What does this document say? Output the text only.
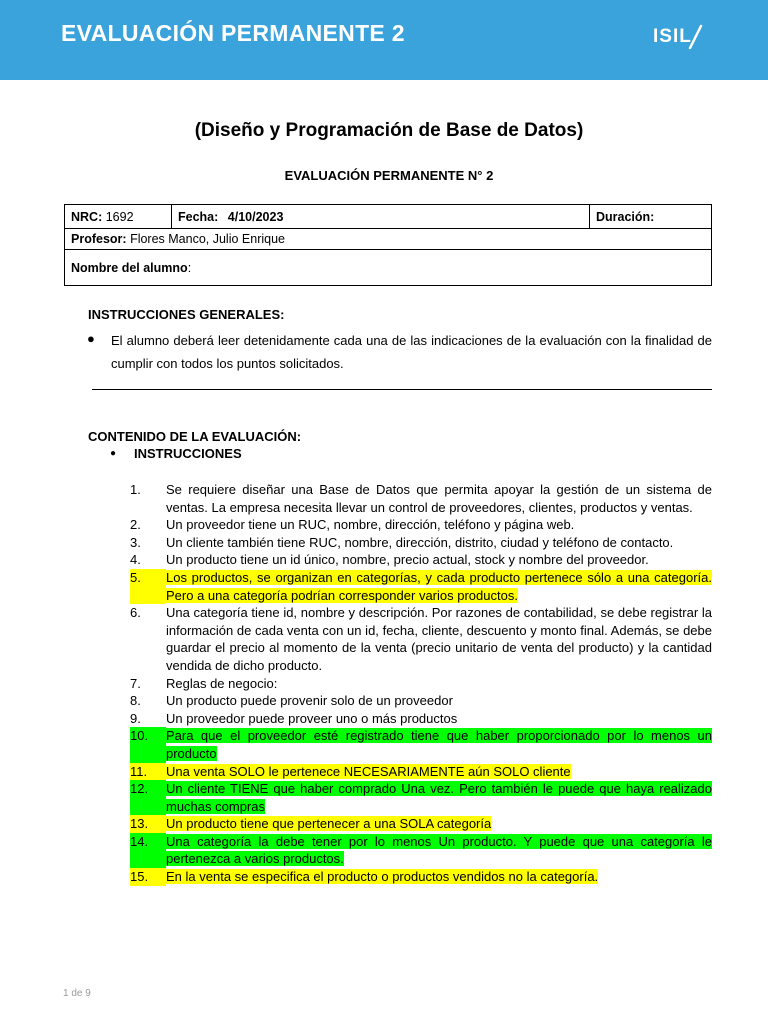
EVALUACIÓN PERMANENTE 2	ISIL
(Diseño y Programación de Base de Datos)
EVALUACIÓN PERMANENTE N° 2
NRC: 1692	Fecha: 4/10/2023	Duración:
Profesor: Flores Manco, Julio Enrique
Nombre del alumno:
INSTRUCCIONES GENERALES:
● El alumno deberá leer detenidamente cada una de las indicaciones de la evaluación con la finalidad de cumplir con todos los puntos solicitados.
CONTENIDO DE LA EVALUACIÓN:
● INSTRUCCIONES
1.	Se requiere diseñar una Base de Datos que permita apoyar la gestión de un sistema de ventas. La empresa necesita llevar un control de proveedores, clientes, productos y ventas.
2.	Un proveedor tiene un RUC, nombre, dirección, teléfono y página web.
3.	Un cliente también tiene RUC, nombre, dirección, distrito, ciudad y teléfono de contacto.
4.	Un producto tiene un id único, nombre, precio actual, stock y nombre del proveedor.
5.	Los productos, se organizan en categorías, y cada producto pertenece sólo a una categoría. Pero a una categoría podrían corresponder varios productos.
6.	Una categoría tiene id, nombre y descripción. Por razones de contabilidad, se debe registrar la información de cada venta con un id, fecha, cliente, descuento y monto final. Además, se debe guardar el precio al momento de la venta (precio unitario de venta del producto) y la cantidad vendida de dicho producto.
7.	Reglas de negocio:
8.	Un producto puede provenir solo de un proveedor
9.	Un proveedor puede proveer uno o más productos
10.	Para que el proveedor esté registrado tiene que haber proporcionado por lo menos un producto
11.	Una venta SOLO le pertenece NECESARIAMENTE aún SOLO cliente
12.	Un cliente TIENE que haber comprado Una vez. Pero también le puede que haya realizado muchas compras
13.	Un producto tiene que pertenecer a una SOLA categoría
14.	Una categoría la debe tener por lo menos Un producto. Y puede que una categoría le pertenezca a varios productos.
15.	En la venta se especifica el producto o productos vendidos no la categoría.
1 de 9
